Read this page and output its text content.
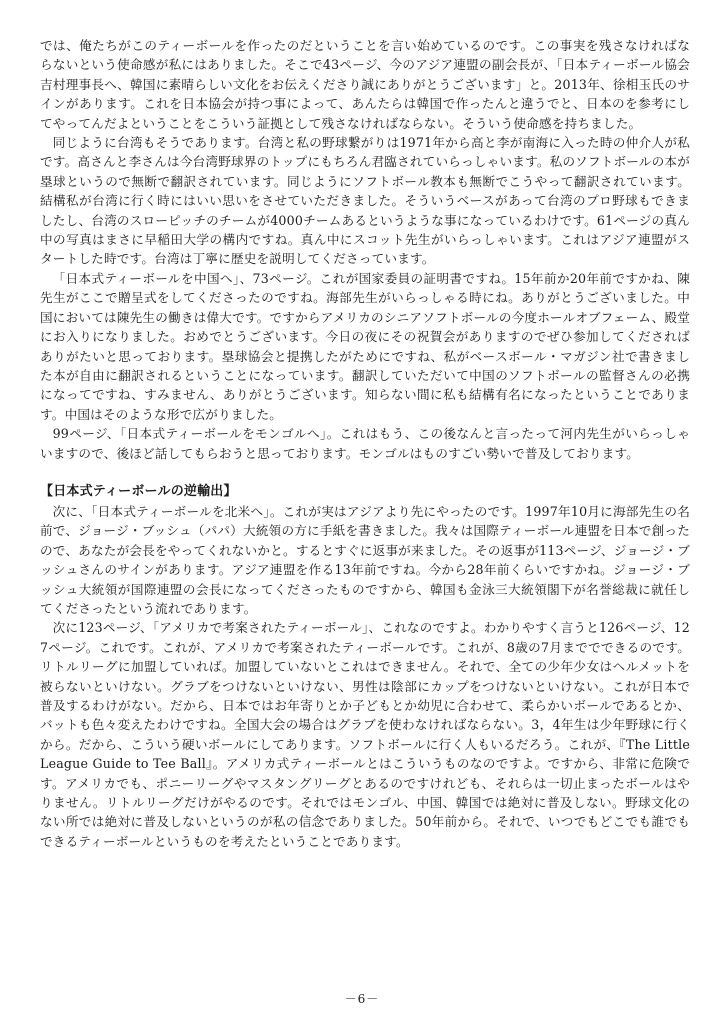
では、俺たちがこのティーボールを作ったのだということを言い始めているのです。この事実を残さなければならないという使命感が私にはありました。そこで43ページ、今のアジア連盟の副会長が、「日本ティーボール協会吉村理事長へ、韓国に素晴らしい文化をお伝えくださり誠にありがとうございます」と。2013年、徐相玉氏のサインがあります。これを日本協会が持つ事によって、あんたらは韓国で作ったんと違うでと、日本のを参考にしてやってんだよということをこういう証拠として残さなければならない。そういう使命感を持ちました。

同じように台湾もそうであります。台湾と私の野球繋がりは1971年から高と李が南海に入った時の仲介人が私です。高さんと李さんは今台湾野球界のトップにもちろん君臨されていらっしゃいます。私のソフトボールの本が塁球というので無断で翻訳されています。同じようにソフトボール教本も無断でこうやって翻訳されています。結構私が台湾に行く時にはいい思いをさせていただきました。そういうベースがあって台湾のプロ野球もできましたし、台湾のスローピッチのチームが4000チームあるというような事になっているわけです。61ページの真ん中の写真はまさに早稲田大学の構内ですね。真ん中にスコット先生がいらっしゃいます。これはアジア連盟がスタートした時です。台湾は丁寧に歴史を説明してくださっています。

「日本式ティーボールを中国へ」、73ページ。これが国家委員の証明書ですね。15年前か20年前ですかね、陳先生がここで贈呈式をしてくださったのですね。海部先生がいらっしゃる時にね。ありがとうございました。中国においては陳先生の働きは偉大です。ですからアメリカのシニアソフトボールの今度ホールオブフェーム、殿堂にお入りになりました。おめでとうございます。今日の夜にその祝賀会がありますのでぜひ参加してくださればありがたいと思っております。塁球協会と提携したがためにですね、私がベースボール・マガジン社で書きました本が自由に翻訳されるということになっています。翻訳していただいて中国のソフトボールの監督さんの必携になってですね、すみません、ありがとうございます。知らない間に私も結構有名になったということであります。中国はそのような形で広がりました。

99ページ、「日本式ティーボールをモンゴルへ」。これはもう、この後なんと言ったって河内先生がいらっしゃいますので、後ほど話してもらおうと思っております。モンゴルはものすごい勢いで普及しております。

【日本式ティーボールの逆輸出】

次に、「日本式ティーボールを北米へ」。これが実はアジアより先にやったのです。1997年10月に海部先生の名前で、ジョージ・ブッシュ（パパ）大統領の方に手紙を書きました。我々は国際ティーボール連盟を日本で創ったので、あなたが会長をやってくれないかと。するとすぐに返事が来ました。その返事が113ページ、ジョージ・ブッシュさんのサインがあります。アジア連盟を作る13年前ですね。今から28年前くらいですかね。ジョージ・ブッシュ大統領が国際連盟の会長になってくださったものですから、韓国も金泳三大統領閣下が名誉総裁に就任してくださったという流れであります。

次に123ページ、「アメリカで考案されたティーボール」、これなのですよ。わかりやすく言うと126ページ、127ページ。これです。これが、アメリカで考案されたティーボールです。これが、8歳の7月まででできるのです。リトルリーグに加盟していれば。加盟していないとこれはできません。それで、全ての少年少女はヘルメットを被らないといけない。グラブをつけないといけない、男性は陰部にカップをつけないといけない。これが日本で普及するわけがない。だから、日本ではお年寄りとか子どもとか幼児に合わせて、柔らかいボールであるとか、バットも色々変えたわけですね。全国大会の場合はグラブを使わなければならない。3，4年生は少年野球に行くから。だから、こういう硬いボールにしてあります。ソフトボールに行く人もいるだろう。これが、『The Little League Guide to Tee Ball』。アメリカ式ティーボールとはこういうものなのですよ。ですから、非常に危険です。アメリカでも、ポニーリーグやマスタングリーグとあるのですけれども、それらは一切止まったボールはやりません。リトルリーグだけがやるのです。それではモンゴル、中国、韓国では絶対に普及しない。野球文化のない所では絶対に普及しないというのが私の信念でありました。50年前から。それで、いつでもどこでも誰でもできるティーボールというものを考えたということであります。

－6－
